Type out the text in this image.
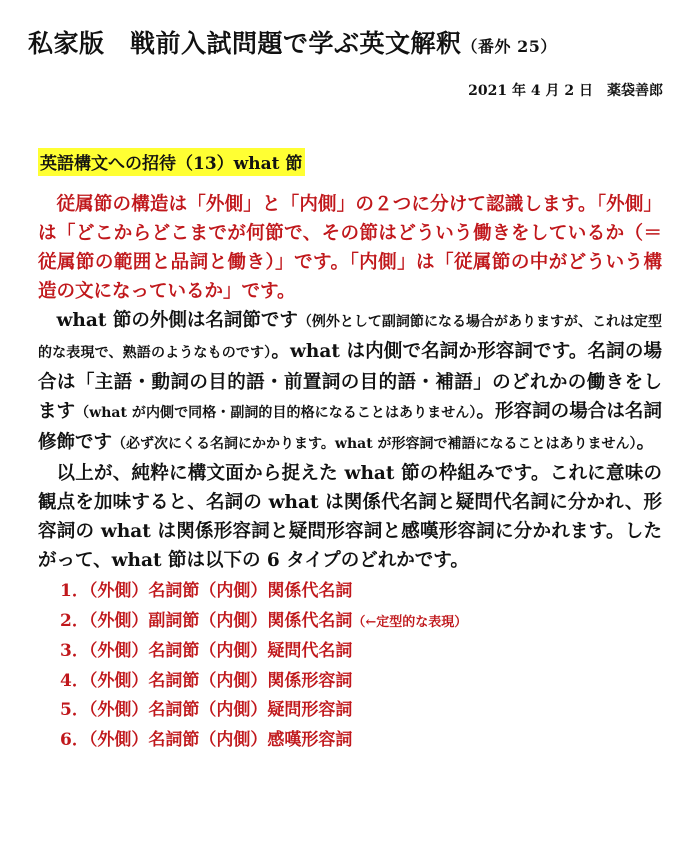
私家版　戦前入試問題で学ぶ英文解釈（番外 25）
2021 年 4 月 2 日　薬袋善郎
英語構文への招待（13）what 節

従属節の構造は「外側」と「内側」の２つに分けて認識します。「外側」は「どこからどこまでが何節で、その節はどういう働きをしているか（＝従属節の範囲と品詞と働き）」です。「内側」は「従属節の中がどういう構造の文になっているか」です。

what 節の外側は名詞節です（例外として副詞節になる場合がありますが、これは定型的な表現で、熟語のようなものです）。what は内側で名詞か形容詞です。名詞の場合は「主語・動詞の目的語・前置詞の目的語・補語」のどれかの働きをします（what が内側で同格・副詞的目的格になることはありません）。形容詞の場合は名詞修飾です（必ず次にくる名詞にかかります。what が形容詞で補語になることはありません）。

以上が、純粋に構文面から捉えた what 節の枠組みです。これに意味の観点を加味すると、名詞の what は関係代名詞と疑問代名詞に分かれ、形容詞の what は関係形容詞と疑問形容詞と感嘆形容詞に分かれます。したがって、what 節は以下の 6 タイプのどれかです。

1．（外側）名詞節（内側）関係代名詞
2．（外側）副詞節（内側）関係代名詞（←定型的な表現）
3．（外側）名詞節（内側）疑問代名詞
4．（外側）名詞節（内側）関係形容詞
5．（外側）名詞節（内側）疑問形容詞
6．（外側）名詞節（内側）感嘆形容詞
